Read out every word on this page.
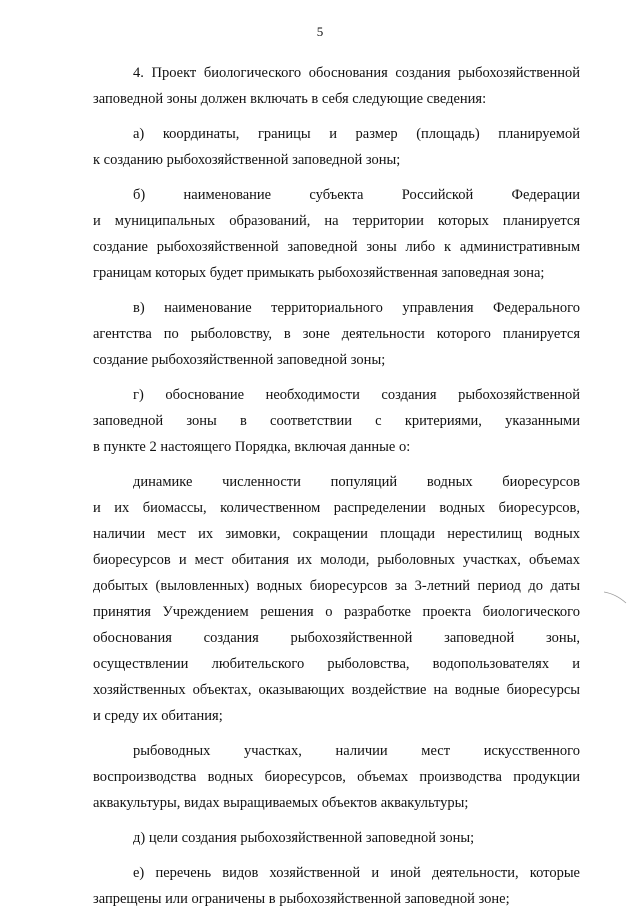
5
4. Проект биологического обоснования создания рыбохозяйственной
заповедной зоны должен включать в себя следующие сведения:
а) координаты, границы и размер (площадь) планируемой
к созданию рыбохозяйственной заповедной зоны;
б) наименование субъекта Российской Федерации
и муниципальных образований, на территории которых планируется
создание рыбохозяйственной заповедной зоны либо к административным
границам которых будет примыкать рыбохозяйственная заповедная зона;
в) наименование территориального управления Федерального
агентства по рыболовству, в зоне деятельности которого планируется
создание рыбохозяйственной заповедной зоны;
г) обоснование необходимости создания рыбохозяйственной
заповедной зоны в соответствии с критериями, указанными
в пункте 2 настоящего Порядка, включая данные о:
динамике численности популяций водных биоресурсов
и их биомассы, количественном распределении водных биоресурсов,
наличии мест их зимовки, сокращении площади нерестилищ водных
биоресурсов и мест обитания их молоди, рыболовных участках, объемах
добытых (выловленных) водных биоресурсов за 3-летний период до даты
принятия Учреждением решения о разработке проекта биологического
обоснования создания рыбохозяйственной заповедной зоны,
осуществлении любительского рыболовства, водопользователях и
хозяйственных объектах, оказывающих воздействие на водные биоресурсы
и среду их обитания;
рыбоводных участках, наличии мест искусственного
воспроизводства водных биоресурсов, объемах производства продукции
аквакультуры, видах выращиваемых объектов аквакультуры;
д) цели создания рыбохозяйственной заповедной зоны;
е) перечень видов хозяйственной и иной деятельности, которые
запрещены или ограничены в рыбохозяйственной заповедной зоне;
